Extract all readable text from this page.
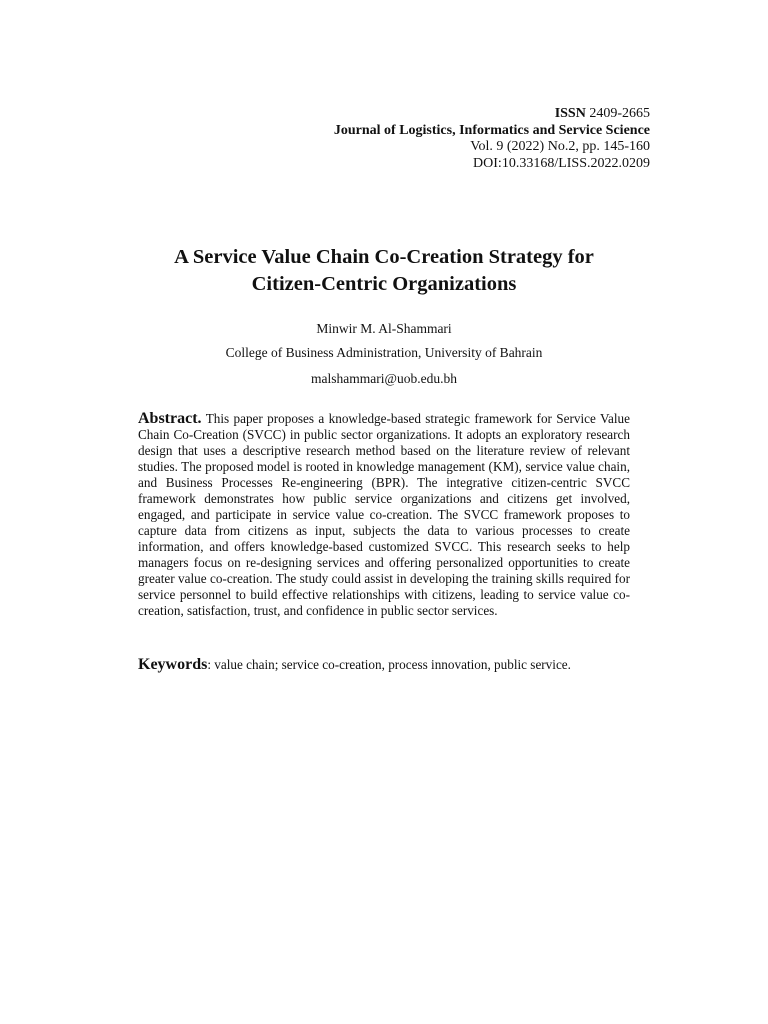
ISSN 2409-2665
Journal of Logistics, Informatics and Service Science
Vol. 9 (2022) No.2, pp. 145-160
DOI:10.33168/LISS.2022.0209
A Service Value Chain Co-Creation Strategy for
Citizen-Centric Organizations
Minwir M. Al-Shammari
College of Business Administration, University of Bahrain
malshammari@uob.edu.bh

Abstract. This paper proposes a knowledge-based strategic framework for Service Value Chain Co-Creation (SVCC) in public sector organizations. It adopts an exploratory research design that uses a descriptive research method based on the literature review of relevant studies. The proposed model is rooted in knowledge management (KM), service value chain, and Business Processes Re-engineering (BPR). The integrative citizen-centric SVCC framework demonstrates how public service organizations and citizens get involved, engaged, and participate in service value co-creation. The SVCC framework proposes to capture data from citizens as input, subjects the data to various processes to create information, and offers knowledge-based customized SVCC. This research seeks to help managers focus on re-designing services and offering personalized opportunities to create greater value co-creation. The study could assist in developing the training skills required for service personnel to build effective relationships with citizens, leading to service value co-creation, satisfaction, trust, and confidence in public sector services.

Keywords: value chain; service co-creation, process innovation, public service.
